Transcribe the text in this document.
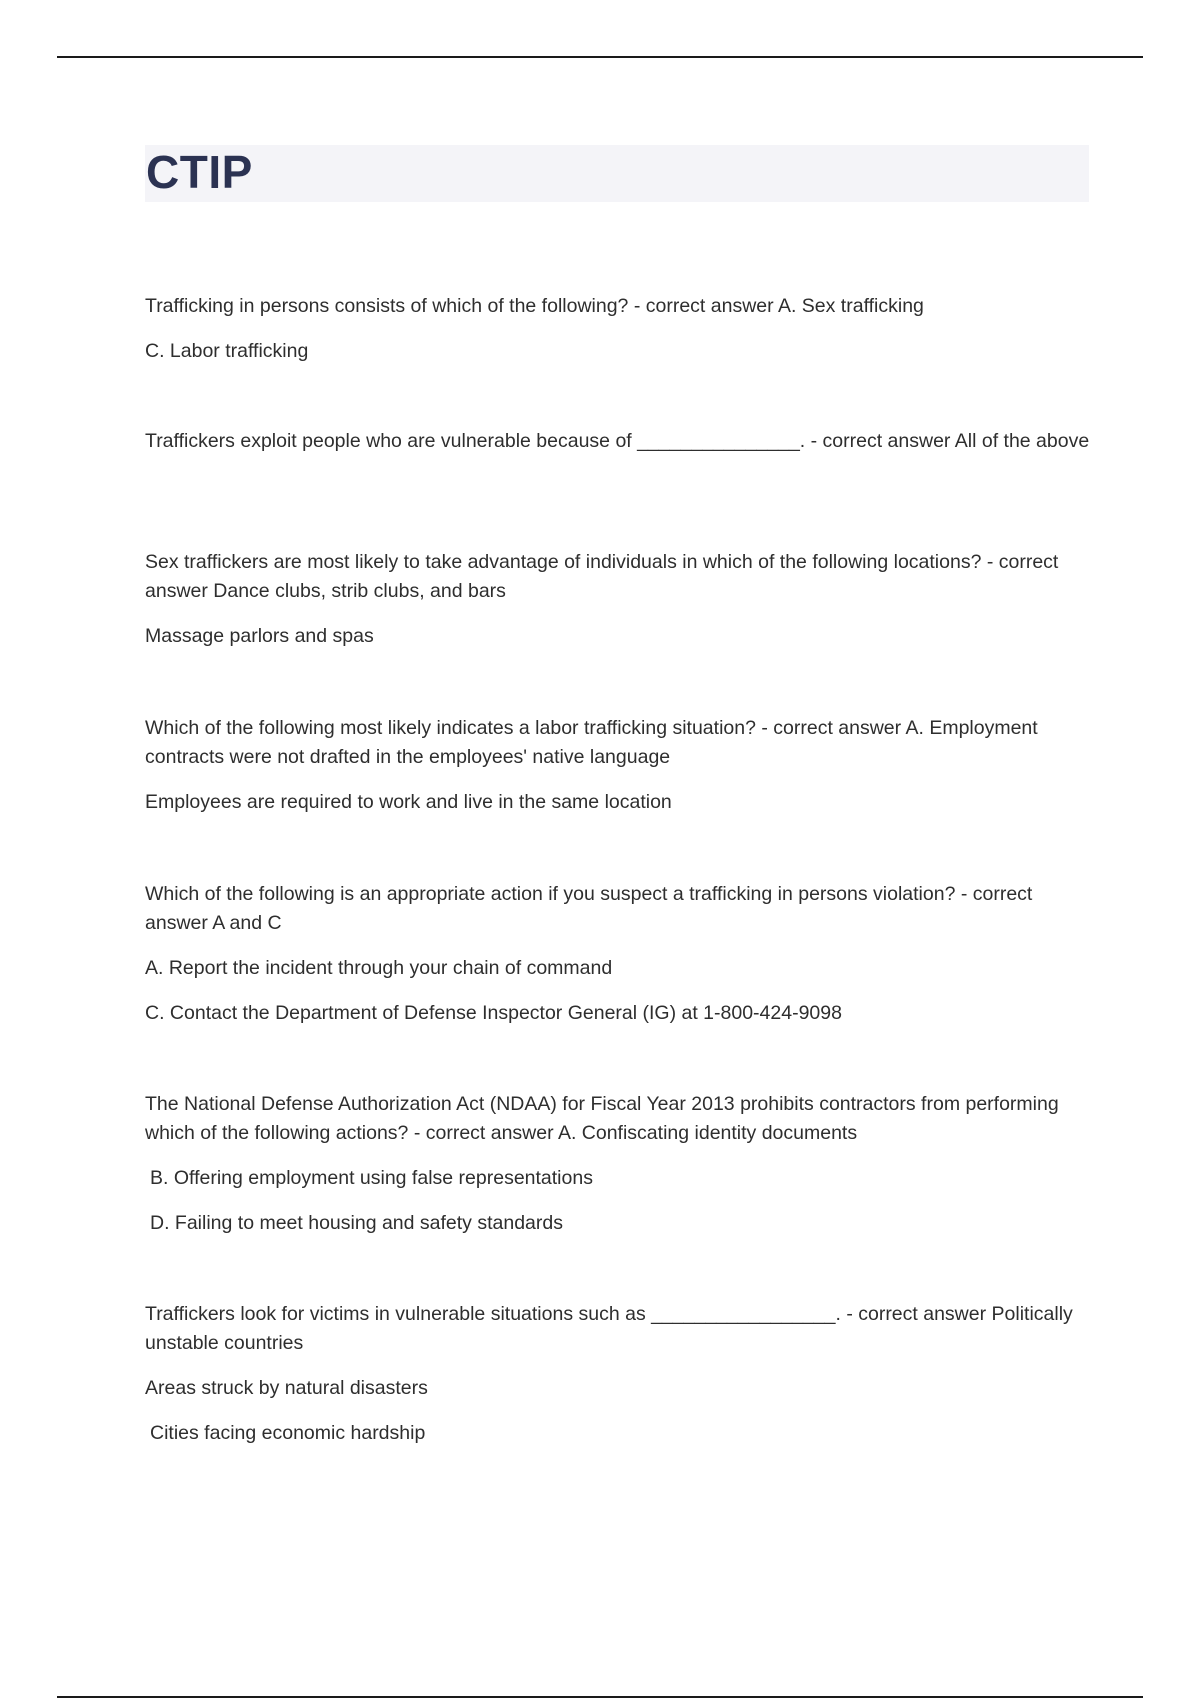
CTIP

Trafficking in persons consists of which of the following? - correct answer A. Sex trafficking

C. Labor trafficking

Traffickers exploit people who are vulnerable because of _______________. - correct answer All of the above

Sex traffickers are most likely to take advantage of individuals in which of the following locations? - correct answer Dance clubs, strib clubs, and bars

Massage parlors and spas

Which of the following most likely indicates a labor trafficking situation? - correct answer A. Employment contracts were not drafted in the employees' native language

Employees are required to work and live in the same location

Which of the following is an appropriate action if you suspect a trafficking in persons violation? - correct answer A and C

A. Report the incident through your chain of command

C. Contact the Department of Defense Inspector General (IG) at 1-800-424-9098

The National Defense Authorization Act (NDAA) for Fiscal Year 2013 prohibits contractors from performing which of the following actions? - correct answer A. Confiscating identity documents

B. Offering employment using false representations

D. Failing to meet housing and safety standards

Traffickers look for victims in vulnerable situations such as _________________. - correct answer Politically unstable countries

Areas struck by natural disasters

Cities facing economic hardship
